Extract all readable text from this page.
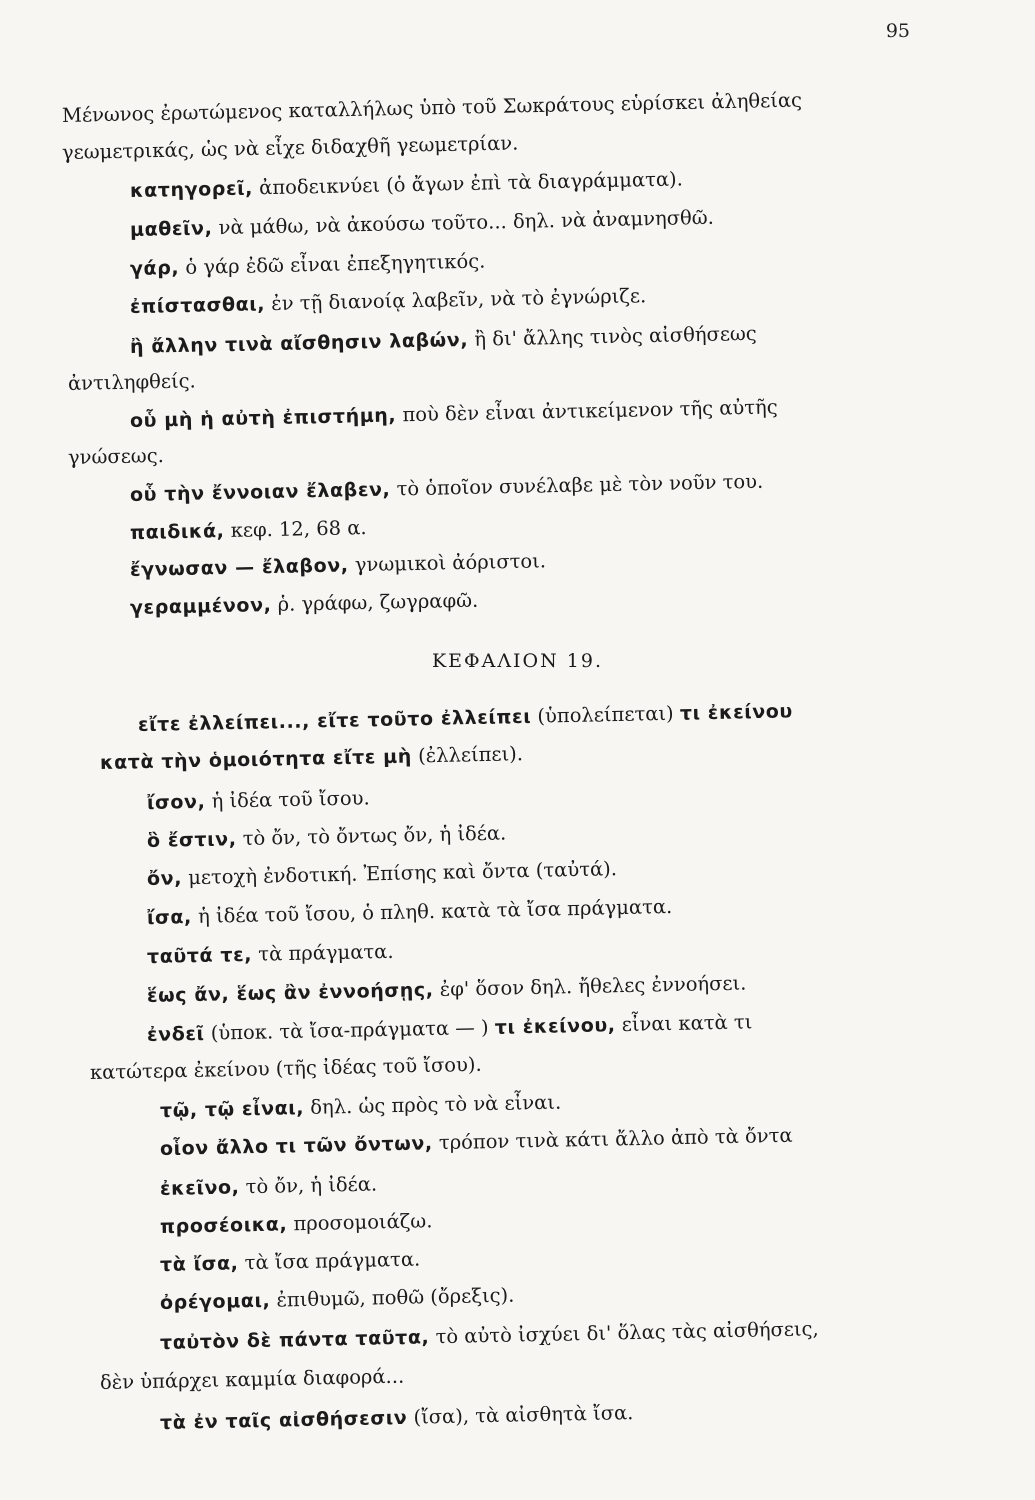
95
Μένωνος ἐρωτώμενος καταλλήλως ὑπὸ τοῦ Σωκράτους εὑρίσκει ἀληθείας
γεωμετρικάς, ὡς νὰ εἶχε διδαχθῆ γεωμετρίαν.
κατηγορεῖ, ἀποδεικνύει (ὁ ἄγων ἐπὶ τὰ διαγράμματα).
μαθεῖν, νὰ μάθω, νὰ ἀκούσω τοῦτο... δηλ. νὰ ἀναμνησθῶ.
γάρ, ὁ γάρ ἐδῶ εἶναι ἐπεξηγητικός.
ἐπίστασθαι, ἐν τῇ διανοίᾳ λαβεῖν, νὰ τὸ ἐγνώριζε.
ἢ ἄλλην τινὰ αἴσθησιν λαβών, ἢ δι' ἄλλης τινὸς αἰσθήσεως
ἀντιληφθείς.
οὗ μὴ ἡ αὐτὴ ἐπιστήμη, ποὺ δὲν εἶναι ἀντικείμενον τῆς αὐτῆς
γνώσεως.
οὗ τὴν ἔννοιαν ἔλαβεν, τὸ ὁποῖον συνέλαβε μὲ τὸν νοῦν του.
παιδικά, κεφ. 12, 68 α.
ἔγνωσαν — ἔλαβον, γνωμικοὶ ἀόριστοι.
γεραμμένον, ῥ. γράφω, ζωγραφῶ.
ΚΕΦΑΛΙΟΝ 19.
εἴτε ἐλλείπει..., εἴτε τοῦτο ἐλλείπει (ὑπολείπεται) τι ἐκείνου
κατὰ τὴν ὁμοιότητα εἴτε μὴ (ἐλλείπει).
ἴσον, ἡ ἰδέα τοῦ ἴσου.
ὃ ἔστιν, τὸ ὄν, τὸ ὄντως ὄν, ἡ ἰδέα.
ὄν, μετοχὴ ἐνδοτική. Ἐπίσης καὶ ὄντα (ταὐτά).
ἴσα, ἡ ἰδέα τοῦ ἴσου, ὁ πληθ. κατὰ τὰ ἴσα πράγματα.
ταῦτά τε, τὰ πράγματα.
ἕως ἄν, ἕως ἂν ἐννοήσῃς, ἐφ' ὅσον δηλ. ἤθελες ἐννοήσει.
ἐνδεῖ (ὑποκ. τὰ ἴσα-πράγματα — ) τι ἐκείνου, εἶναι κατὰ τι
κατώτερα ἐκείνου (τῆς ἰδέας τοῦ ἴσου).
τῷ, τῷ εἶναι, δηλ. ὡς πρὸς τὸ νὰ εἶναι.
οἷον ἄλλο τι τῶν ὄντων, τρόπον τινὰ κάτι ἄλλο ἀπὸ τὰ ὄντα
ἐκεῖνο, τὸ ὄν, ἡ ἰδέα.
προσέοικα, προσομοιάζω.
τὰ ἴσα, τὰ ἴσα πράγματα.
ὀρέγομαι, ἐπιθυμῶ, ποθῶ (ὄρεξις).
ταὐτὸν δὲ πάντα ταῦτα, τὸ αὐτὸ ἰσχύει δι' ὅλας τὰς αἰσθήσεις,
δὲν ὑπάρχει καμμία διαφορά...
τὰ ἐν ταῖς αἰσθήσεσιν (ἴσα), τὰ αἰσθητὰ ἴσα.
